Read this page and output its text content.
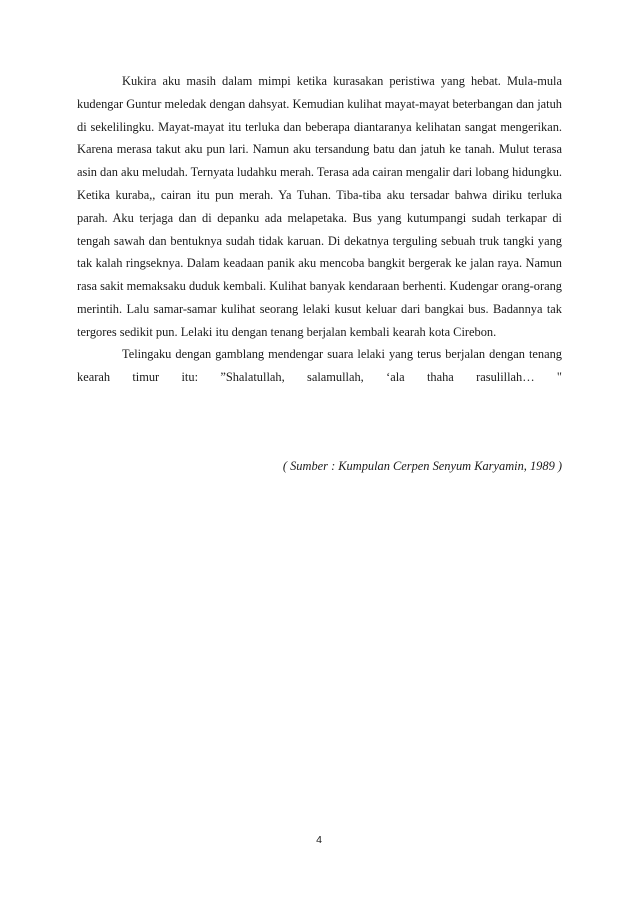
Kukira aku masih dalam mimpi ketika kurasakan peristiwa yang hebat. Mula-mula kudengar Guntur meledak dengan dahsyat. Kemudian kulihat mayat-mayat beterbangan dan jatuh di sekelilingku. Mayat-mayat itu terluka dan beberapa diantaranya kelihatan sangat mengerikan. Karena merasa takut aku pun lari. Namun aku tersandung batu dan jatuh ke tanah. Mulut terasa asin dan aku meludah. Ternyata ludahku merah. Terasa ada cairan mengalir dari lobang hidungku. Ketika kuraba,, cairan itu pun merah. Ya Tuhan. Tiba-tiba aku tersadar bahwa diriku terluka parah. Aku terjaga dan di depanku ada melapetaka. Bus yang kutumpangi sudah terkapar di tengah sawah dan bentuknya sudah tidak karuan. Di dekatnya terguling sebuah truk tangki yang tak kalah ringseknya. Dalam keadaan panik aku mencoba bangkit bergerak ke jalan raya. Namun rasa sakit memaksaku duduk kembali. Kulihat banyak kendaraan berhenti. Kudengar orang-orang merintih. Lalu samar-samar kulihat seorang lelaki kusut keluar dari bangkai bus. Badannya tak tergores sedikit pun. Lelaki itu dengan tenang berjalan kembali kearah kota Cirebon.

Telingaku dengan gamblang mendengar suara lelaki yang terus berjalan dengan tenang kearah timur itu: ”Shalatullah, salamullah, ‘ala thaha rasulillah… "

( Sumber : Kumpulan Cerpen Senyum Karyamin, 1989 )

4
